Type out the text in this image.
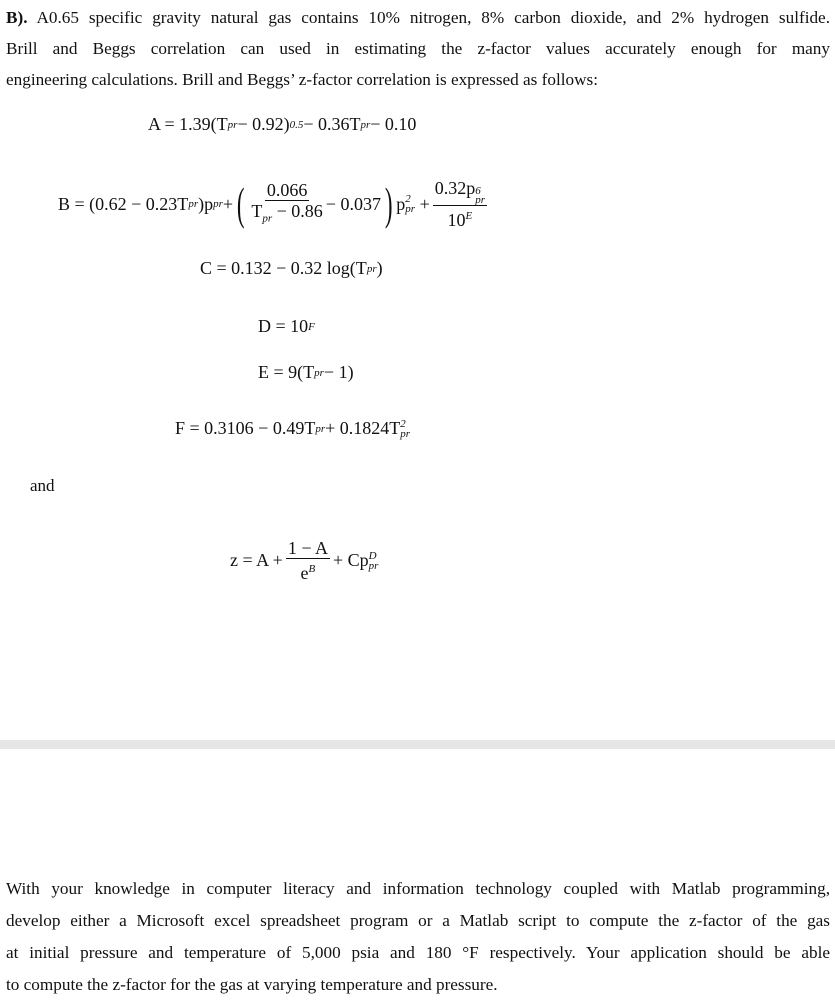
B). A0.65 specific gravity natural gas contains 10% nitrogen, 8% carbon dioxide, and 2% hydrogen sulfide.
Brill and Beggs correlation can used in estimating the z-factor values accurately enough for many
engineering calculations. Brill and Beggs’ z-factor correlation is expressed as follows:
A = 1.39(T pr − 0.92) 0.5 − 0.36T pr − 0.10
B = (0.62 − 0.23T pr )p pr + ( 0.066
$T_{pr} - 0.86 - 0.037$ ) p 2
pr
+ 0.32p 6
pr
$10^E$
C = 0.132 − 0.32 log(T pr )
D = 10 F
E = 9(T pr − 1)
F = 0.3106 − 0.49T pr + 0.1824T 2
pr
and
$z = A + \frac{1 - A}{e^B} + Cp$ D
pr
With your knowledge in computer literacy and information technology coupled with Matlab programming,
develop either a Microsoft excel spreadsheet program or a Matlab script to compute the z-factor of the gas
at initial pressure and temperature of 5,000 psia and 180 °F respectively. Your application should be able
to compute the z-factor for the gas at varying temperature and pressure.
